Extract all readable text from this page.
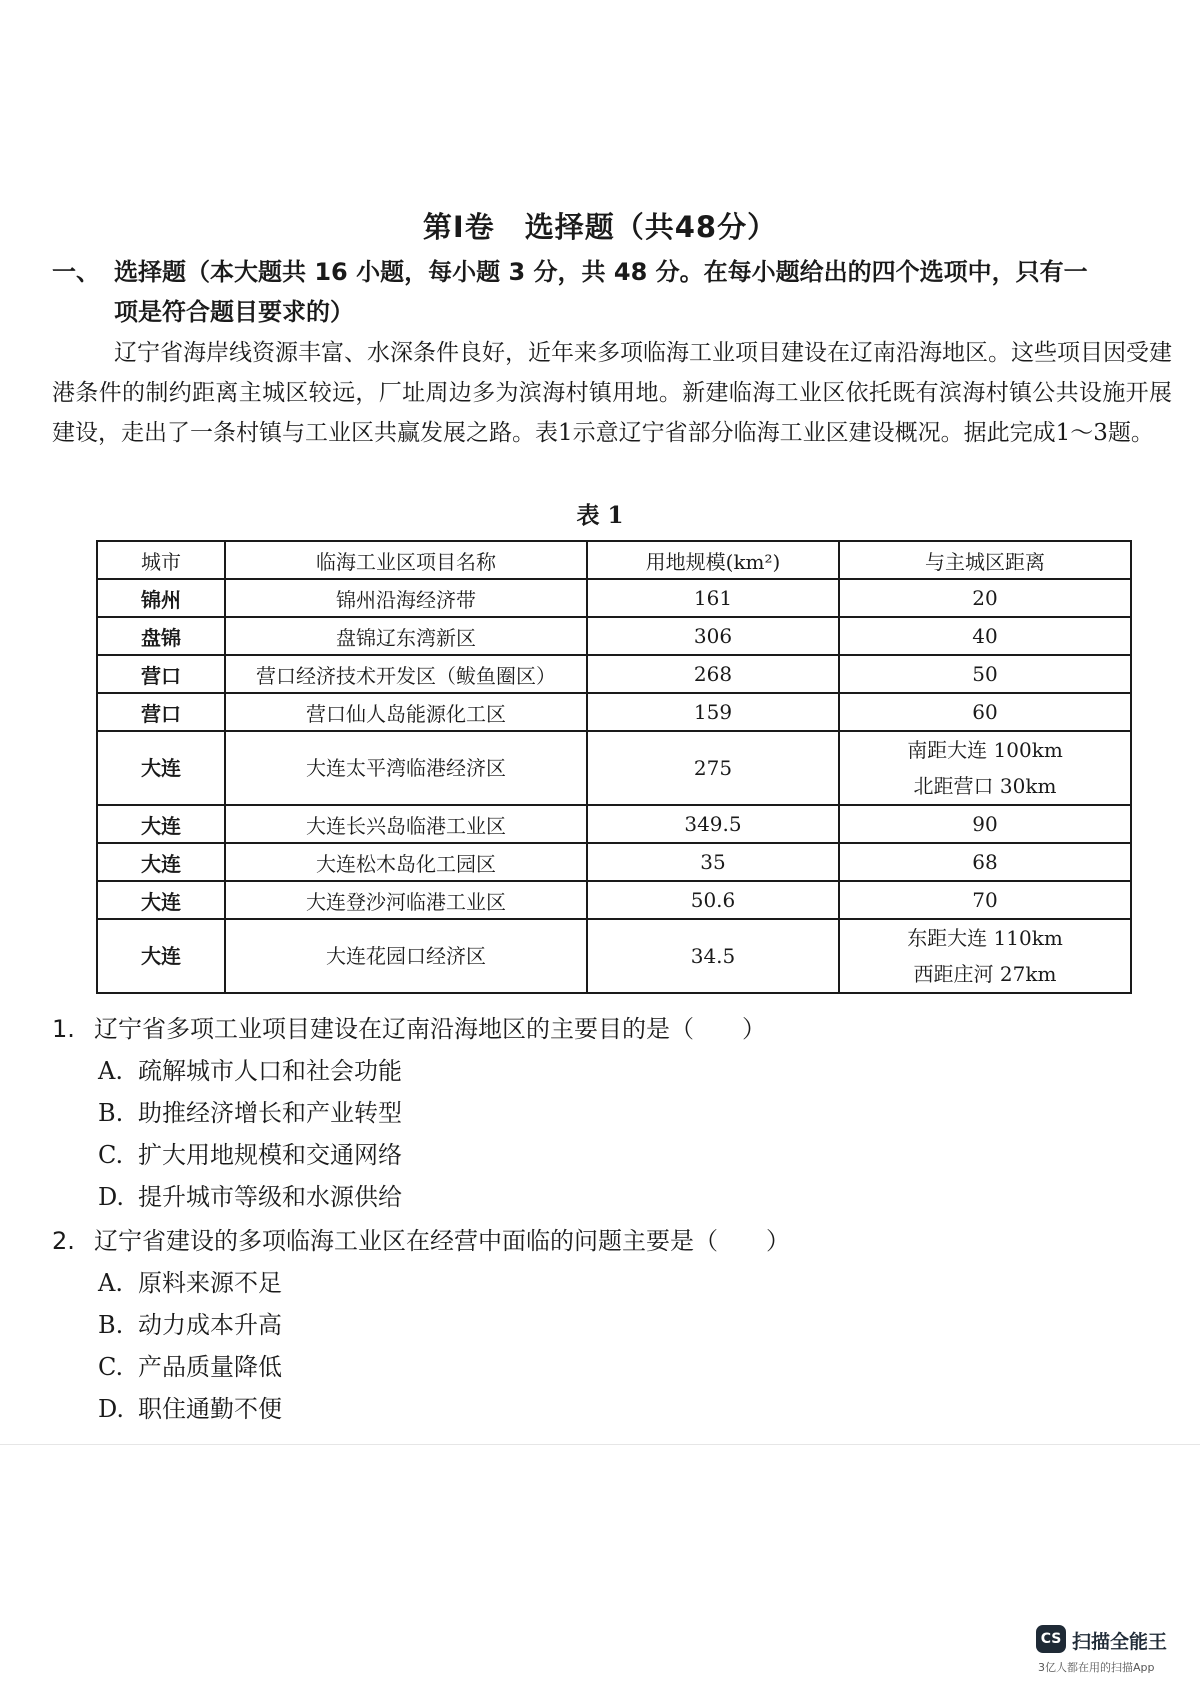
第Ⅰ卷　选择题（共48分）
一、 选择题（本大题共 16 小题，每小题 3 分，共 48 分。在每小题给出的四个选项中，只有一
项是符合题目要求的）

辽宁省海岸线资源丰富、水深条件良好，近年来多项临海工业项目建设在辽南沿海地区。这些项目因受建港条件的制约距离主城区较远，厂址周边多为滨海村镇用地。新建临海工业区依托既有滨海村镇公共设施开展建设，走出了一条村镇与工业区共赢发展之路。表1示意辽宁省部分临海工业区建设概况。据此完成1～3题。

表 1
城市	临海工业区项目名称	用地规模(km²)	与主城区距离
锦州	锦州沿海经济带	161	20
盘锦	盘锦辽东湾新区	306	40
营口	营口经济技术开发区（鲅鱼圈区）	268	50
营口	营口仙人岛能源化工区	159	60
大连	大连太平湾临港经济区	275	南距大连 100km
北距营口 30km

大连	大连长兴岛临港工业区	349.5	90
大连	大连松木岛化工园区	35	68
大连	大连登沙河临港工业区	50.6	70
大连	大连花园口经济区	34.5	东距大连 110km
西距庄河 27km
1. 辽宁省多项工业项目建设在辽南沿海地区的主要目的是（　　）
A. 疏解城市人口和社会功能
B. 助推经济增长和产业转型
C. 扩大用地规模和交通网络
D. 提升城市等级和水源供给
2. 辽宁省建设的多项临海工业区在经营中面临的问题主要是（　　）
A. 原料来源不足
B. 动力成本升高
C. 产品质量降低
D. 职住通勤不便
CS 扫描全能王
3亿人都在用的扫描App
